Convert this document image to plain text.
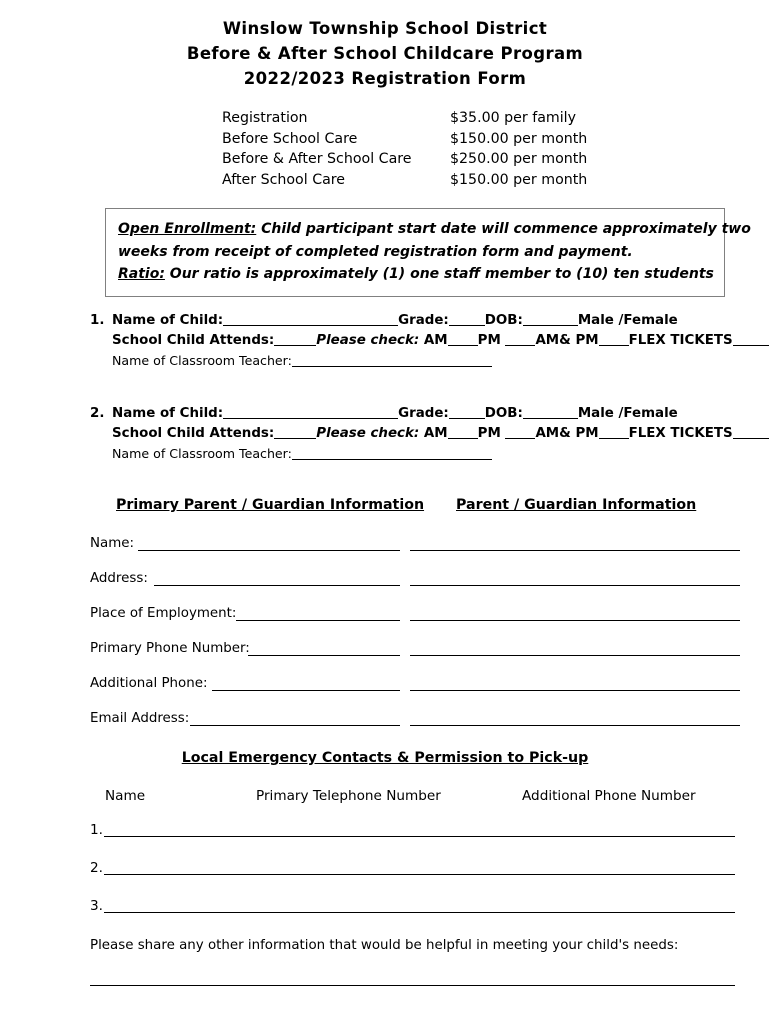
Winslow Township School District
Before & After School Childcare Program
2022/2023 Registration Form
Registration	$35.00 per family
Before School Care	$150.00 per month
Before & After School Care	$250.00 per month
After School Care	$150.00 per month
Open Enrollment: Child participant start date will commence approximately two
weeks from receipt of completed registration form and payment.
Ratio: Our ratio is approximately (1) one staff member to (10) ten students
1. Name of Child:	Grade:	DOB:	Male /Female
School Child Attends:	Please check: AM PM	AM& PM FLEX TICKETS
Name of Classroom Teacher:
2. Name of Child:	Grade:	DOB:	Male /Female
School Child Attends:	Please check: AM PM	AM& PM FLEX TICKETS
Name of Classroom Teacher:
Primary Parent / Guardian Information Parent / Guardian Information
Name:
Address:
Place of Employment:
Primary Phone Number:
Additional Phone:
Email Address:
Local Emergency Contacts & Permission to Pick-up
Name	Primary Telephone Number	Additional Phone Number
1.
2.
3.
Please share any other information that would be helpful in meeting your child's needs:
